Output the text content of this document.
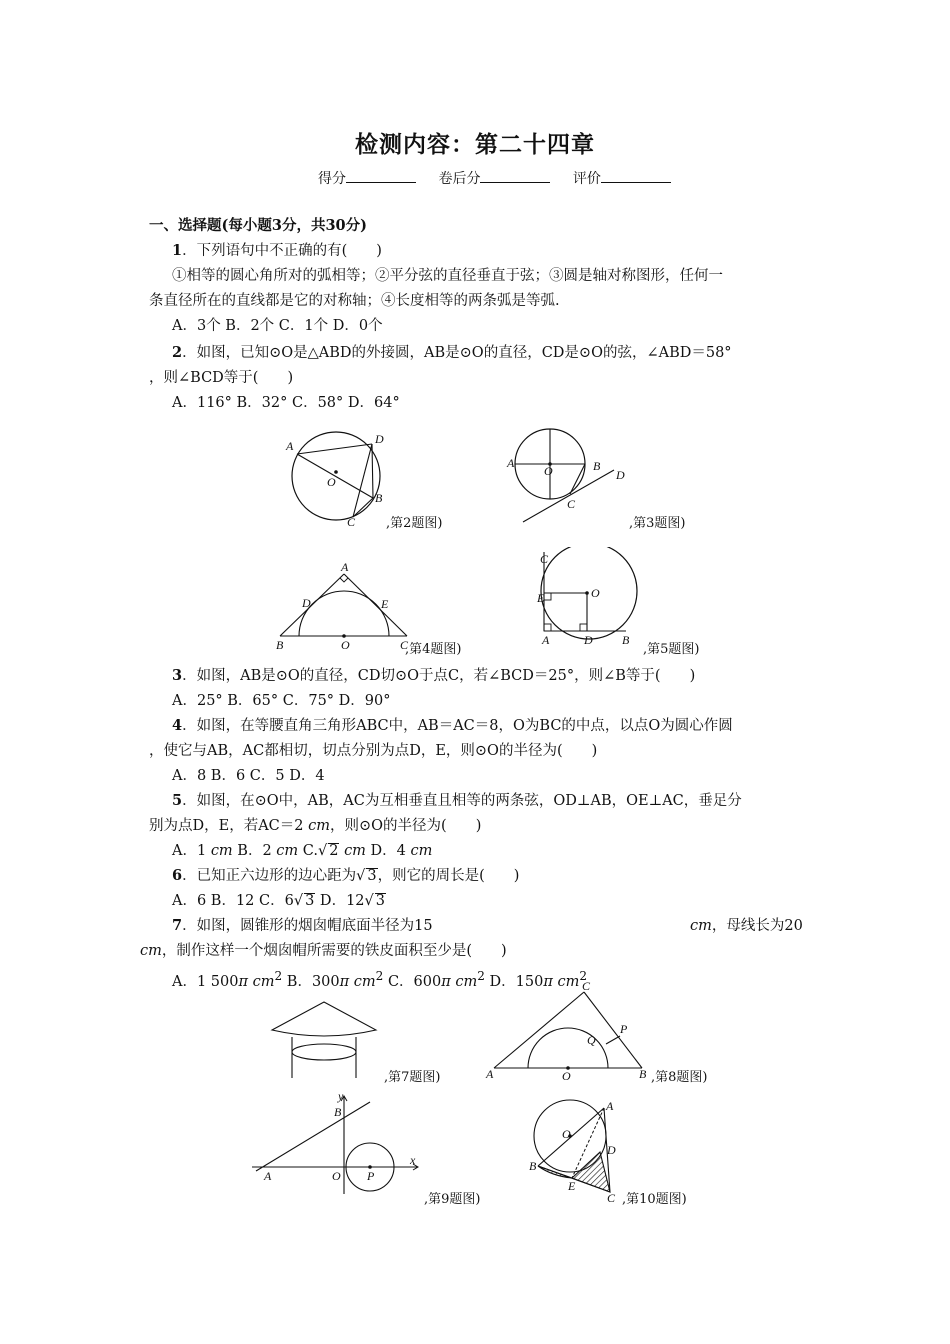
检测内容：第二十四章
得分	卷后分	评价
一、选择题(每小题3分，共30分)
1．下列语句中不正确的有(　　)
①相等的圆心角所对的弧相等；②平分弦的直径垂直于弦；③圆是轴对称图形，任何一
条直径所在的直线都是它的对称轴；④长度相等的两条弧是等弧.
A．3个 B．2个 C．1个 D．0个
2．如图，已知⊙O是△ABD的外接圆，AB是⊙O的直径，CD是⊙O的弦，∠ABD＝58°
，则∠BCD等于(　　)
A．116° B．32° C．58° D．64°
A	D
O
B
C ,第2题图)
A
O	B
C
D
,第3题图)
A
D	E
B	O	C
,第4题图)
C
E	O
A	D B
,第5题图)
3．如图，AB是⊙O的直径，CD切⊙O于点C，若∠BCD＝25°，则∠B等于(　　)
A．25° B．65° C．75° D．90°
4．如图，在等腰直角三角形ABC中，AB＝AC＝8，O为BC的中点，以点O为圆心作圆
，使它与AB，AC都相切，切点分别为点D，E，则⊙O的半径为(　　)
A．8 B．6 C．5 D．4
5．如图，在⊙O中，AB，AC为互相垂直且相等的两条弦，OD⊥AB，OE⊥AC，垂足分
别为点D，E，若AC＝2 cm，则⊙O的半径为(　　)
A．1 cm B．2 cm C.√ 2 cm D．4 cm
6．已知正六边形的边心距为√ 3，则它的周长是(　　)
A．6 B．12 C．6√ 3 D．12√ 3
7．如图，圆锥形的烟囱帽底面半径为15	cm，母线长为20
cm，制作这样一个烟囱帽所需要的铁皮面积至少是(　　)
A．1 500π $cm^2$ B．300π $cm^2$ C．600π $cm^2$ D．150π $cm^2$
,第7题图)
C
P
Q
A	O	B ,第8题图)
y
B
A	O P
x
,第9题图)
A
O
D
B
E
C ,第10题图)
